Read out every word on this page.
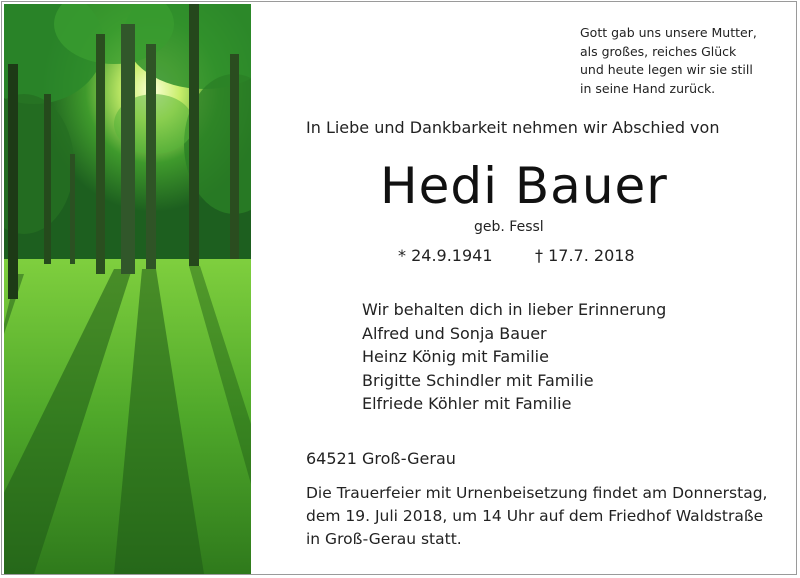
Gott gab uns unsere Mutter,
als großes, reiches Glück
und heute legen wir sie still
in seine Hand zurück.
In Liebe und Dankbarkeit nehmen wir Abschied von
Hedi Bauer
geb. Fessl
* 24.9.1941	† 17.7. 2018
Wir behalten dich in lieber Erinnerung
Alfred und Sonja Bauer
Heinz König mit Familie
Brigitte Schindler mit Familie
Elfriede Köhler mit Familie
64521 Groß-Gerau
Die Trauerfeier mit Urnenbeisetzung findet am Donnerstag,
dem 19. Juli 2018, um 14 Uhr auf dem Friedhof Waldstraße
in Groß-Gerau statt.
